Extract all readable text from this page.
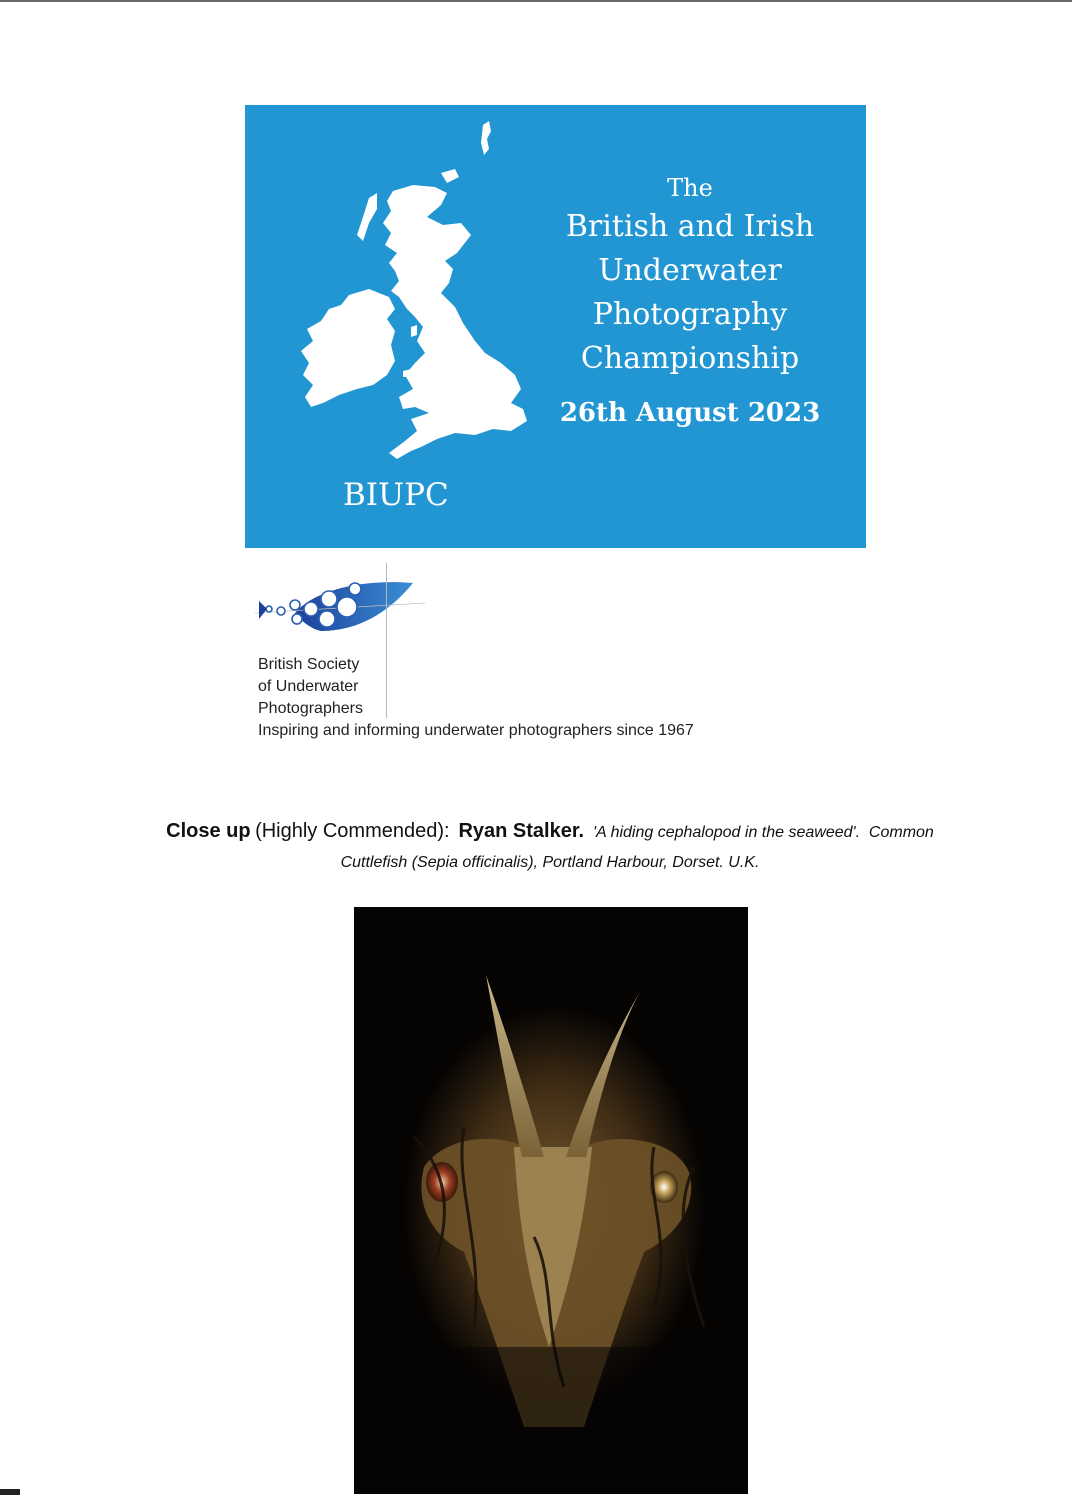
The
British and Irish
Underwater
Photography
Championship
26th August 2023
BIUPC
British Society
of Underwater
Photographers
Inspiring and informing underwater photographers since 1967
Close up (Highly Commended): Ryan Stalker. 'A hiding cephalopod in the seaweed'. Common
Cuttlefish (Sepia officinalis), Portland Harbour, Dorset. U.K.
